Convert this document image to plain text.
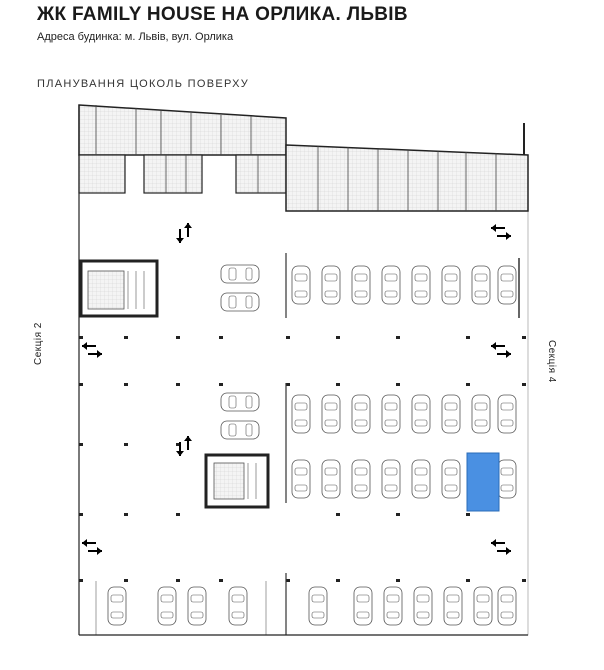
ЖК FAMILY HOUSE НА ОРЛИКА. ЛЬВІВ
Адреса будинка: м. Львів, вул. Орлика
ПЛАНУВАННЯ ЦОКОЛЬ ПОВЕРХУ
Секція 2	Секція 4
